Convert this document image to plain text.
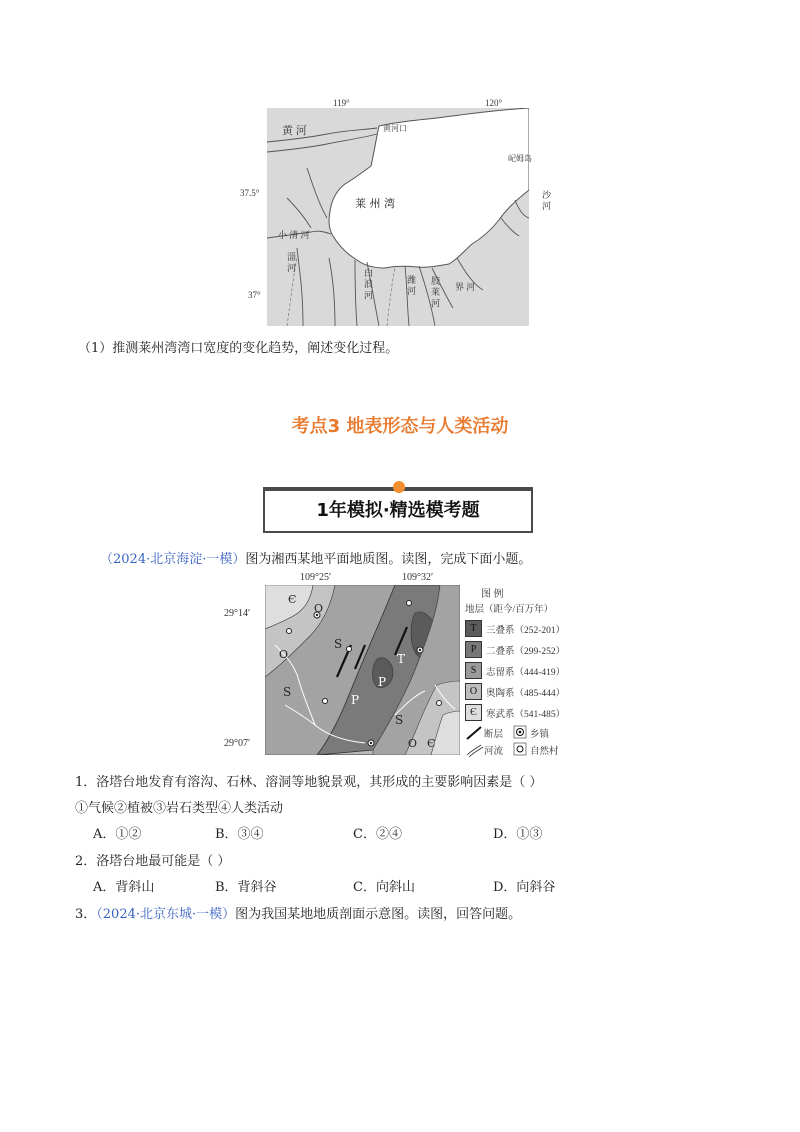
119°	120°
37.5°
37°
黄 河	黄河口
屺姆岛
莱 州 湾
小 清 河
淄 河
白 浪 河	潍 河 胶 莱 河 界 河
沙 河
（1）推测莱州湾湾口宽度的变化趋势，阐述变化过程。
考点3 地表形态与人类活动
1年模拟·精选模考题
（2024·北京海淀·一模）图为湘西某地平面地质图。读图，完成下面小题。
109°25′	109°32′
29°14′
29°07′
Є
O
S
O
S
P
T
P
S
O Є
图 例
地层（距今/百万年）
T 三叠系（252-201）
P	二叠系（299-252）
S	志留系（444-419）
O 奥陶系（485-444）
Є 寒武系（541-485）
断层	乡镇
河流	自然村
1．洛塔台地发育有溶沟、石林、溶洞等地貌景观，其形成的主要影响因素是（ ）
①气候②植被③岩石类型④人类活动
A．①②	B．③④	C．②④	D．①③
2．洛塔台地最可能是（ ）
A．背斜山	B．背斜谷	C．向斜山	D．向斜谷
3．（2024·北京东城·一模）图为我国某地地质剖面示意图。读图，回答问题。
